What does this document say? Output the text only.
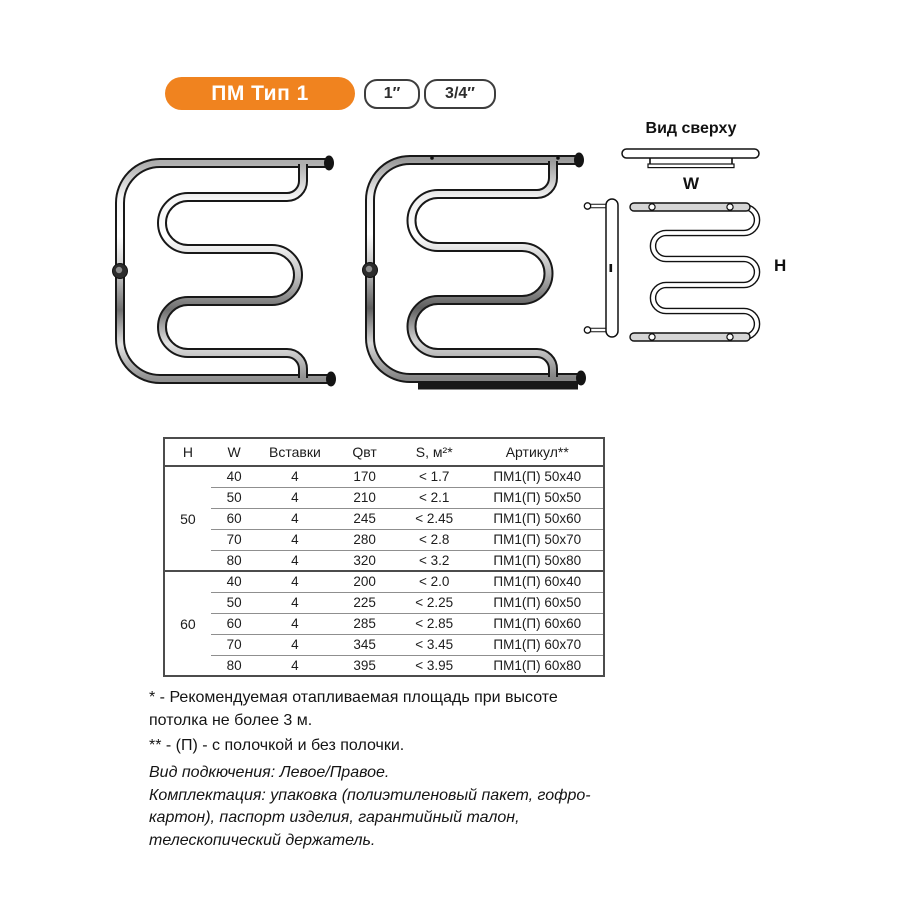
ПМ Тип 1	1″	3/4″
Вид сверху
W
H
H	W	Вставки	Qвт	S, м²*	Артикул**
50	40	4	170	< 1.7	ПМ1(П) 50x40
	50	4	210	< 2.1	ПМ1(П) 50x50
	60	4	245	< 2.45	ПМ1(П) 50x60
	70	4	280	< 2.8	ПМ1(П) 50x70
	80	4	320	< 3.2	ПМ1(П) 50x80
60	40	4	200	< 2.0	ПМ1(П) 60x40
	50	4	225	< 2.25	ПМ1(П) 60x50
	60	4	285	< 2.85	ПМ1(П) 60x60
	70	4	345	< 3.45	ПМ1(П) 60x70
	80	4	395	< 3.95	ПМ1(П) 60x80

* - Рекомендуемая отапливаемая площадь при высоте потолка не более 3 м.

** - (П) - с полочкой и без полочки.

Вид подкючения: Левое/Правое.

Комплектация: упаковка (полиэтиленовый пакет, гофро-картон), паспорт изделия, гарантийный талон, телескопический держатель.
